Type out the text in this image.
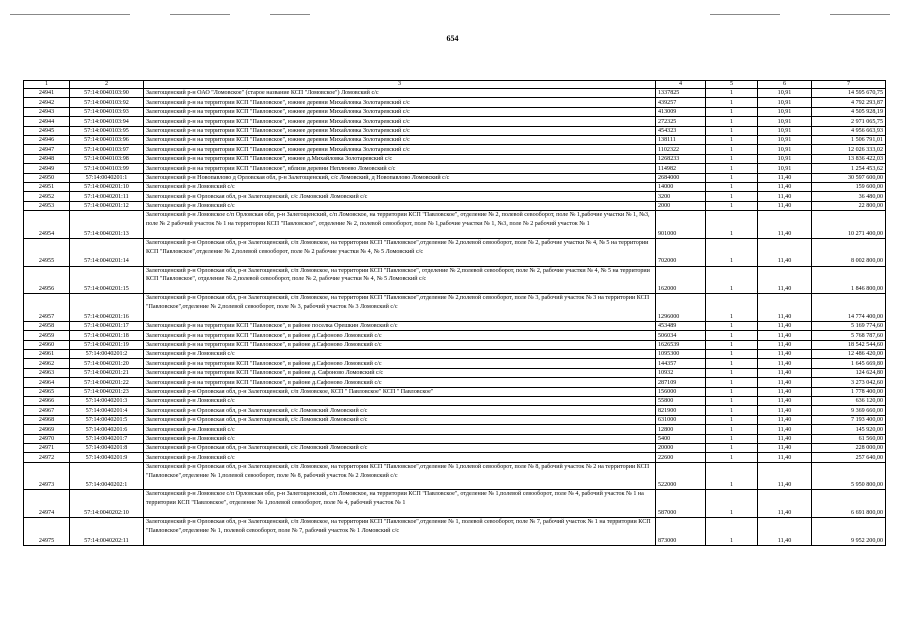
654
1	2	3	4	5	6	7
24941	57:14:0040103:90	Залегощенский р-н ОАО "Ломовское" (старое название КСП "Ломовское") Ломовский с/с	1337825	1	10,91	14 595 670,75
24942	57:14:0040103:92	Залегощенский р-н на территории КСП "Павловское", южнее деревни Михайловка Золотаревский с/с	439257	1	10,91	4 792 293,87
24943	57:14:0040103:93	Залегощенский р-н на территории КСП "Павловское", южнее деревни Михайловка Золотаревский с/с	413009	1	10,91	4 505 928,19
24944	57:14:0040103:94	Залегощенский р-н на территории КСП "Павловское", южнее деревни Михайловка Золотаревский с/с	272325	1	10,91	2 971 065,75
24945	57:14:0040103:95	Залегощенский р-н на территории КСП "Павловское", южнее деревни Михайловка Золотаревский с/с	454323	1	10,91	4 956 663,93
24946	57:14:0040103:96	Залегощенский р-н на территории КСП "Павловское", южнее деревни Михайловка Золотаревский с/с	138111	1	10,91	1 506 791,01
24947	57:14:0040103:97	Залегощенский р-н на территории КСП "Павловское", южнее деревни Михайловка Золотаревский с/с	1102322	1	10,91	12 026 333,02
24948	57:14:0040103:98	Залегощенский р-н на территории КСП "Павловское", южнее д.Михайловка Золотаревский с/с	1268233	1	10,91	13 836 422,03
24949	57:14:0040103:99	Залегощенский р-н на территории КСП "Павловское", вблизи деревни Неплюево Ломовский с/с	114982	1	10,91	1 254 453,62
24950	57:14:0040201:1	Залегощенский р-н Новопавлово д Орловская обл, р-н Залегощенский, с/с Ломовский, д Новопавлово Ломовский с/с	2684000	1	11,40	30 597 600,00
24951	57:14:0040201:10	Залегощенский р-н Ломовский с/с	14000	1	11,40	159 600,00
24952	57:14:0040201:11	Залегощенский р-н Орловская обл, р-н Залегощенский, с/с Ломовский Ломовский с/с	3200	1	11,40	36 480,00
24953	57:14:0040201:12	Залегощенский р-н Ломовский с/с	2000	1	11,40	22 800,00
24954	57:14:0040201:13	Залегощенский р-н Ломовское с/п Орловская обл, р-н Залегощенский, с/п Ломовское, на территории КСП "Павловское", отделение № 2, полевой севооборот, поле № 1,рабочие участки № 1, №3, поле № 2 рабочий участок № 1 на территории КСП "Павловское", отделение № 2, полевой севооборот, поле № 1,рабочие участки № 1, №3, поле № 2 рабочий участок № 1	901000	1	11,40	10 271 400,00
24955	57:14:0040201:14	Залегощенский р-н Орловская обл, р-н Залегощенский, с/п Ломовское, на территории КСП "Павловское",отделение № 2,полевой севооборот, поле № 2, рабочие участки № 4, № 5 на территории КСП "Павловское",отделение № 2,полевой севооборот, поле № 2 рабочие участки № 4, № 5 Ломовский с/с	702000	1	11,40	8 002 800,00
24956	57:14:0040201:15	Залегощенский р-н Орловская обл, р-н Залегощенский, с/п Ломовское, на территории КСП "Павловское", отделение № 2,полевой севооборот, поле № 2, рабочие участки № 4, № 5 на территории КСП "Павловское", отделение № 2,полевой севооборот, поле № 2, рабочие участки № 4, № 5 Ломовский с/с	162000	1	11,40	1 846 800,00
24957	57:14:0040201:16	Залегощенский р-н Орловская обл, р-н Залегощенский, с/п Ломовское, на территории КСП "Павловское",отделение № 2,полевой севооборот, поле № 3, рабочий участок № 3 на территории КСП "Павловское",отделение № 2,полевой севооборот, поле № 3, рабочий участок № 3 Ломовский с/с	1296000	1	11,40	14 774 400,00
24958	57:14:0040201:17	Залегощенский р-н на территории КСП "Павловское", в районе поселка Орешкин Ломовский с/с	453489	1	11,40	5 169 774,60
24959	57:14:0040201:18	Залегощенский р-н на территории КСП "Павловское", в районе д.Сафоново Ломовский с/с	506034	1	11,40	5 768 787,60
24960	57:14:0040201:19	Залегощенский р-н на территории КСП "Павловское", в районе д.Сафоново Ломовский с/с	1626539	1	11,40	18 542 544,60
24961	57:14:0040201:2	Залегощенский р-н Ломовский с/с	1095300	1	11,40	12 486 420,00
24962	57:14:0040201:20	Залегощенский р-н на территории КСП "Павловское", в районе д.Сафоново Ломовский с/с	144357	1	11,40	1 645 669,80
24963	57:14:0040201:21	Залегощенский р-н на территории КСП "Павловское", в районе д. Сафоново Ломовский с/с	10932	1	11,40	124 624,80
24964	57:14:0040201:22	Залегощенский р-н на территории КСП "Павловское", в районе д.Сафоново Ломовский с/с	287109	1	11,40	3 273 042,60
24965	57:14:0040201:23	Залегощенский р-н Орловская обл, р-н Залегощенский, с/п Ломовское, КСП " Павловское" КСП " Павловское"	156000	1	11,40	1 778 400,00
24966	57:14:0040201:3	Залегощенский р-н Ломовский с/с	55800	1	11,40	636 120,00
24967	57:14:0040201:4	Залегощенский р-н Орловская обл, р-н Залегощенский, с/с Ломовский Ломовский с/с	821900	1	11,40	9 369 660,00
24968	57:14:0040201:5	Залегощенский р-н Орловская обл, р-н Залегощенский, с/с Ломовский Ломовский с/с	631000	1	11,40	7 193 400,00
24969	57:14:0040201:6	Залегощенский р-н Ломовский с/с	12800	1	11,40	145 920,00
24970	57:14:0040201:7	Залегощенский р-н Ломовский с/с	5400	1	11,40	61 560,00
24971	57:14:0040201:8	Залегощенский р-н Орловская обл, р-н Залегощенский, с/с Ломовский Ломовский с/с	20000	1	11,40	228 000,00
24972	57:14:0040201:9	Залегощенский р-н Ломовский с/с	22600	1	11,40	257 640,00
24973	57:14:0040202:1	Залегощенский р-н Орловская обл, р-н Залегощенский, с/п Ломовское, на территории КСП "Павловское",отделение № 1,полевой севооборот, поле № 8, рабочий участок № 2 на территории КСП "Павловское",отделение № 1,полевой севооборот, поле № 8, рабочий участок № 2 Ломовский с/с	522000	1	11,40	5 950 800,00
24974	57:14:0040202:10	Залегощенский р-н Ломовское с/п Орловская обл, р-н Залегощенский, с/п Ломовское, на территории КСП "Павловское", отделение № 1,полевой севооборот, поле № 4, рабочий участок № 1 на территории КСП "Павловское", отделение № 1,полевой севооборот, поле № 4, рабочий участок № 1	587000	1	11,40	6 691 800,00
24975	57:14:0040202:11	Залегощенский р-н Орловская обл, р-н Залегощенский, с/п Ломовское, на территории КСП "Павловское",отделение № 1, полевой севооборот, поле № 7, рабочий участок № 1 на территории КСП "Павловское",отделение № 1, полевой севооборот, поле № 7, рабочий участок № 1 Ломовский с/с	873000	1	11,40	9 952 200,00
